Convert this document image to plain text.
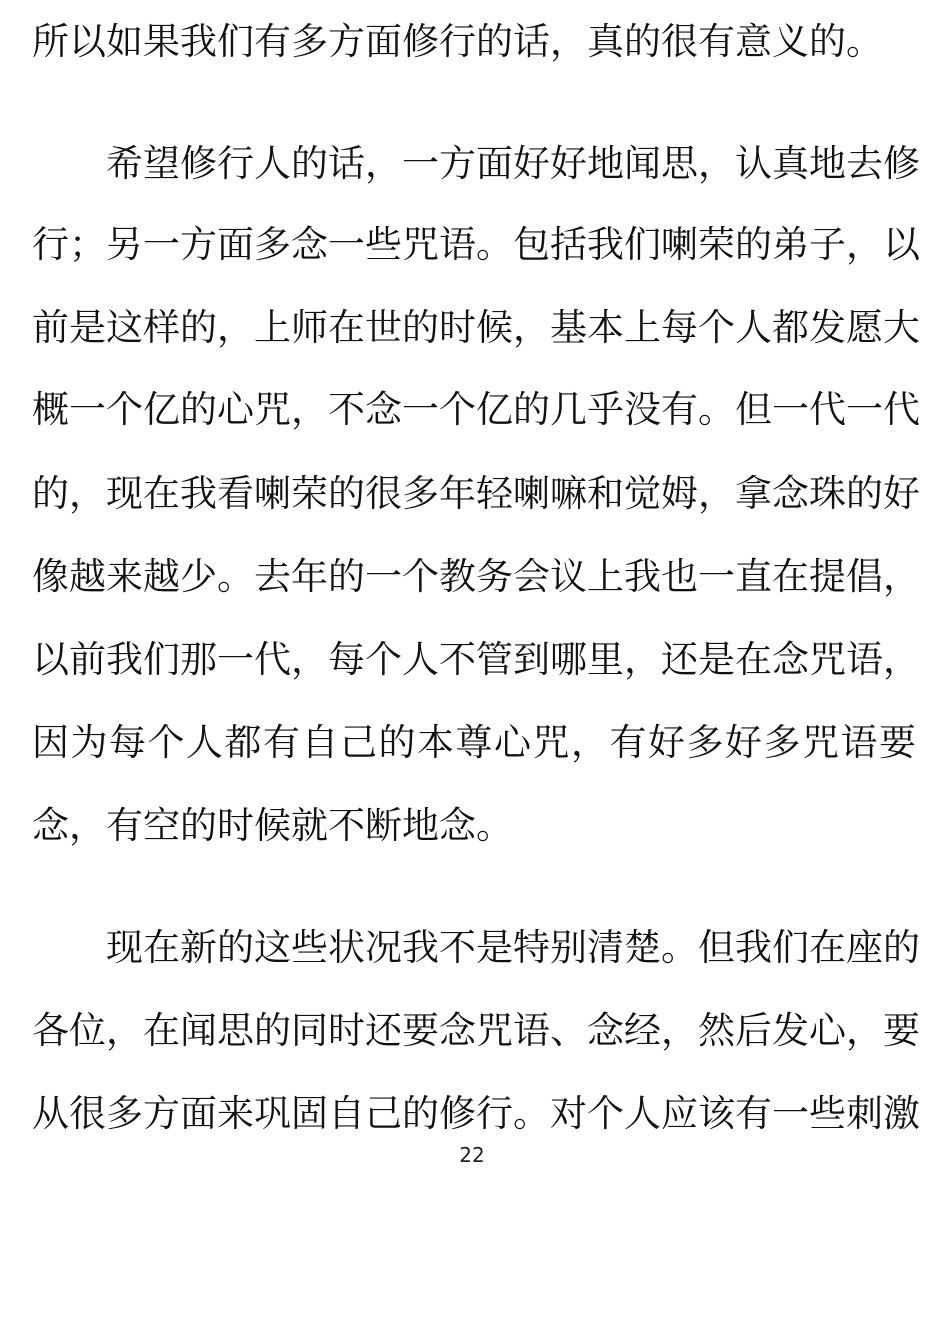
所以如果我们有多方面修行的话，真的很有意义的。
希望修行人的话，一方面好好地闻思，认真地去修
行；另一方面多念一些咒语。包括我们喇荣的弟子，以
前是这样的，上师在世的时候，基本上每个人都发愿大
概一个亿的心咒，不念一个亿的几乎没有。但一代一代
的，现在我看喇荣的很多年轻喇嘛和觉姆，拿念珠的好
像越来越少。去年的一个教务会议上我也一直在提倡，
以前我们那一代，每个人不管到哪里，还是在念咒语，
因为每个人都有自己的本尊心咒，有好多好多咒语要
念，有空的时候就不断地念。
现在新的这些状况我不是特别清楚。但我们在座的
各位，在闻思的同时还要念咒语、念经，然后发心，要
从很多方面来巩固自己的修行。对个人应该有一些刺激
22
